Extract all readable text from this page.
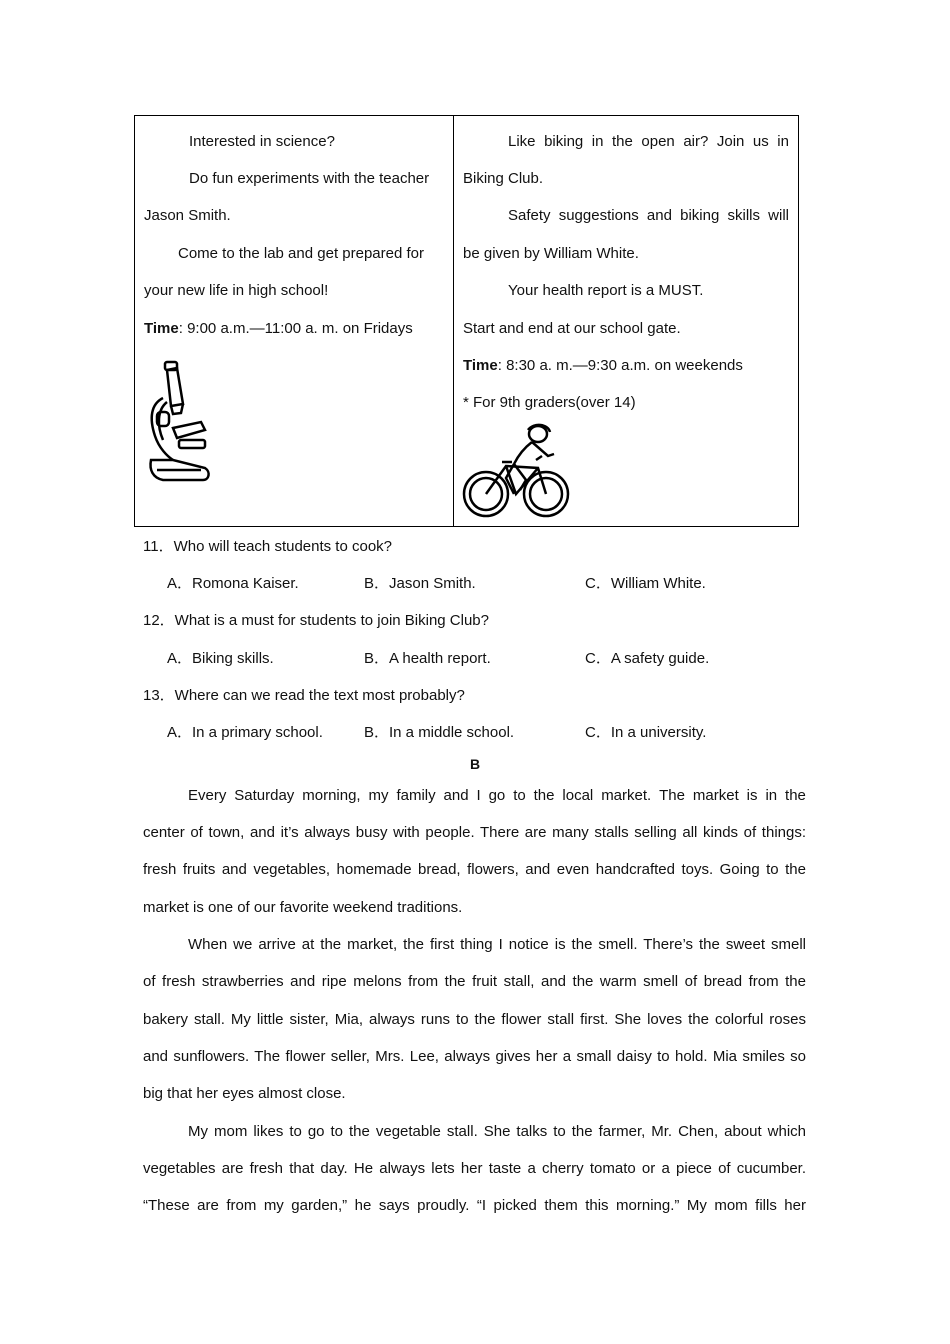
Interested in science?
Do fun experiments with the teacher
Jason Smith.
Come to the lab and get prepared for
your new life in high school!
Time: 9:00 a.m.—11:00 a. m. on Fridays
Like biking in the open air? Join us in
Biking Club.
Safety suggestions and biking skills will
be given by William White.
Your health report is a MUST.
Start and end at our school gate.
Time: 8:30 a. m.—9:30 a.m. on weekends
* For 9th graders(over 14)
11．Who will teach students to cook?
A．Romona Kaiser.	B．Jason Smith.	C．William White.
12．What is a must for students to join Biking Club?
A．Biking skills.	B．A health report.	C．A safety guide.
13．Where can we read the text most probably?
A．In a primary school.	B．In a middle school.	C．In a university.
B
Every Saturday morning, my family and I go to the local market. The market is in the
center of town, and it’s always busy with people. There are many stalls selling all kinds of things:
fresh fruits and vegetables, homemade bread, flowers, and even handcrafted toys. Going to the
market is one of our favorite weekend traditions.
When we arrive at the market, the first thing I notice is the smell. There’s the sweet smell
of fresh strawberries and ripe melons from the fruit stall, and the warm smell of bread from the
bakery stall. My little sister, Mia, always runs to the flower stall first. She loves the colorful roses
and sunflowers. The flower seller, Mrs. Lee, always gives her a small daisy to hold. Mia smiles so
big that her eyes almost close.
My mom likes to go to the vegetable stall. She talks to the farmer, Mr. Chen, about which
vegetables are fresh that day. He always lets her taste a cherry tomato or a piece of cucumber.
“These are from my garden,” he says proudly. “I picked them this morning.” My mom fills her
